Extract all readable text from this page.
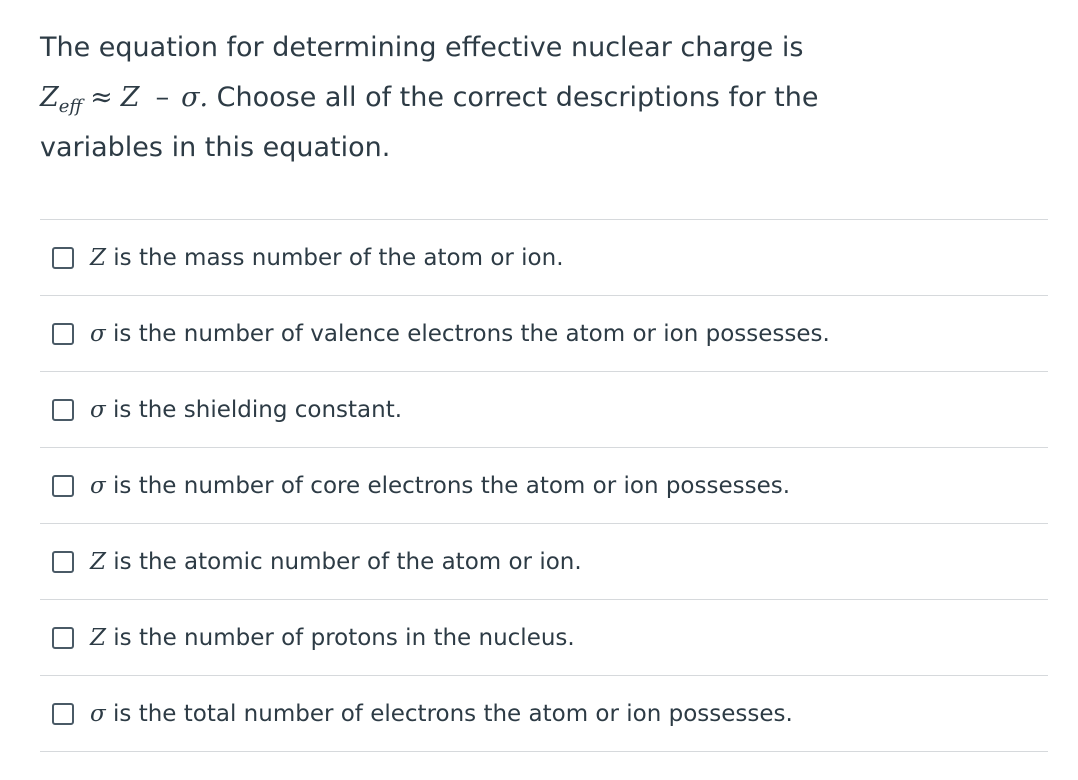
The equation for determining effective nuclear charge is
$Z_{eff} \approx Z - \sigma$. Choose all of the correct descriptions for the
variables in this equation.
Z is the mass number of the atom or ion.
σ is the number of valence electrons the atom or ion possesses.
σ is the shielding constant.
σ is the number of core electrons the atom or ion possesses.
Z is the atomic number of the atom or ion.
Z is the number of protons in the nucleus.
σ is the total number of electrons the atom or ion possesses.
